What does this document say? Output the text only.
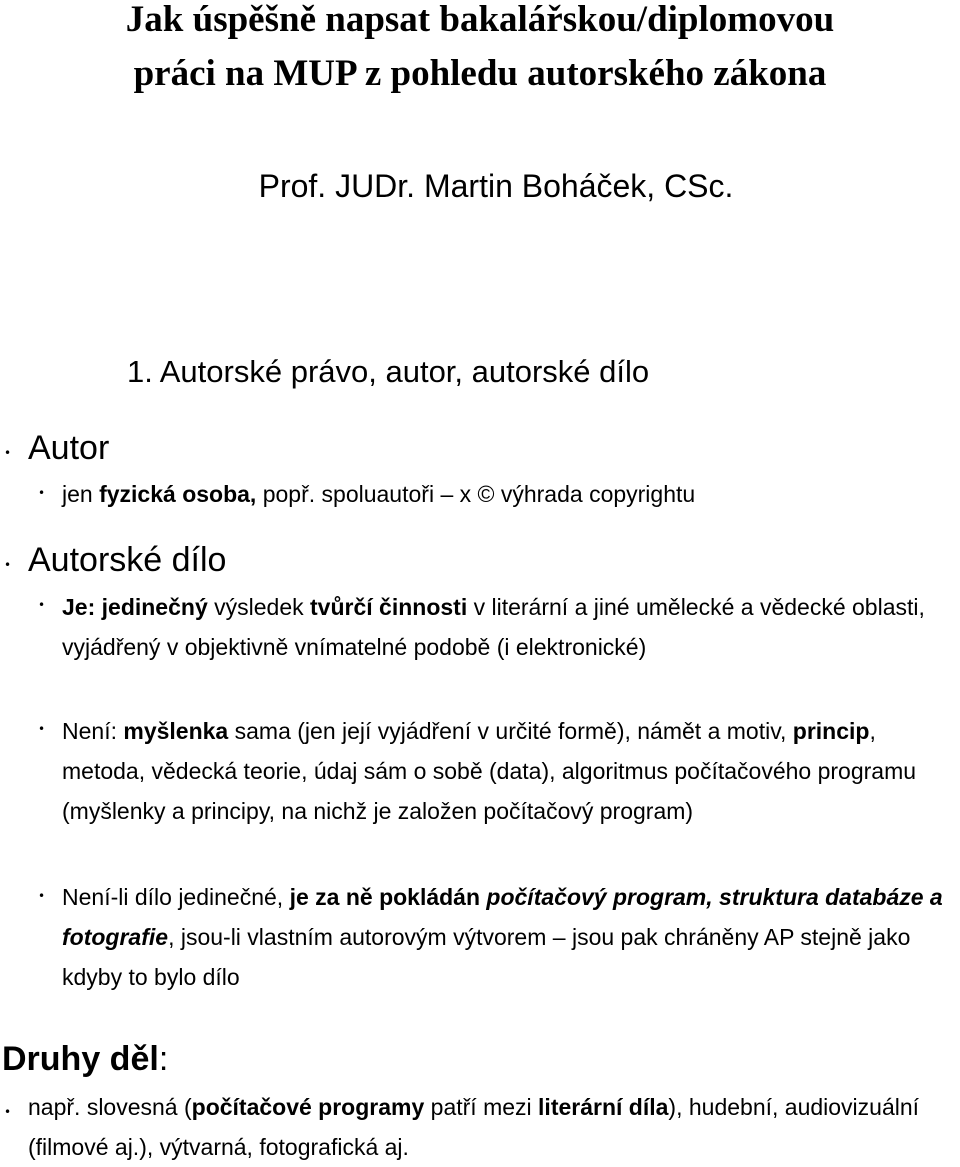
Jak úspěšně napsat bakalářskou/diplomovou
práci na MUP z pohledu autorského zákona
Prof. JUDr. Martin Boháček, CSc.
1. Autorské právo, autor, autorské dílo
•
Autor
•
jen fyzická osoba, popř. spoluautoři – x © výhrada copyrightu
•
Autorské dílo
•
Je: jedinečný výsledek tvůrčí činnosti v literární a jiné umělecké a vědecké oblasti, vyjádřený v objektivně vnímatelné podobě (i elektronické)
•
Není: myšlenka sama (jen její vyjádření v určité formě), námět a motiv, princip, metoda, vědecká teorie, údaj sám o sobě (data), algoritmus počítačového programu (myšlenky a principy, na nichž je založen počítačový program)
•
Není-li dílo jedinečné, je za ně pokládán počítačový program, struktura databáze a fotografie, jsou-li vlastním autorovým výtvorem – jsou pak chráněny AP stejně jako kdyby to bylo dílo
Druhy děl:
•
např. slovesná (počítačové programy patří mezi literární díla), hudební, audiovizuální (filmové aj.), výtvarná, fotografická aj.
